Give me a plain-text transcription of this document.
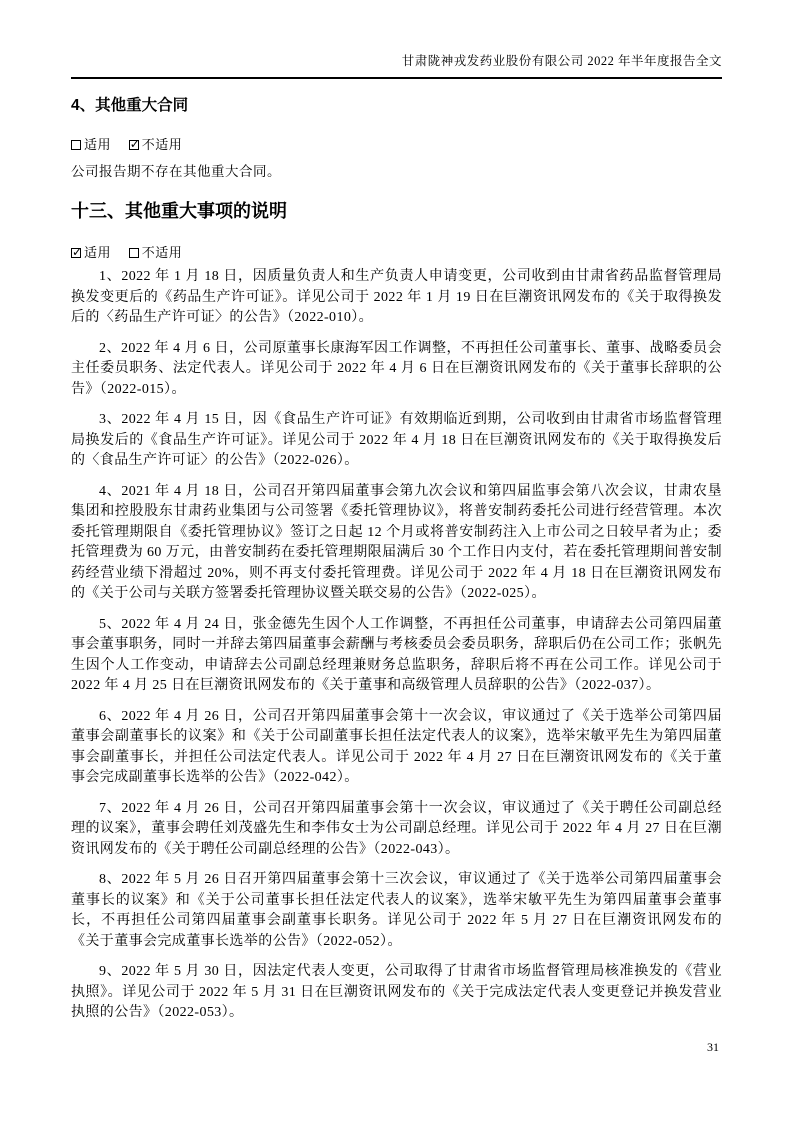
甘肃陇神戎发药业股份有限公司 2022 年半年度报告全文
4、其他重大合同
适用 ✓ 不适用

公司报告期不存在其他重大合同。

十三、其他重大事项的说明
✓适用 不适用

1、2022 年 1 月 18 日，因质量负责人和生产负责人申请变更，公司收到由甘肃省药品监督管理局换发变更后的《药品生产许可证》。详见公司于 2022 年 1 月 19 日在巨潮资讯网发布的《关于取得换发后的〈药品生产许可证〉的公告》（2022-010）。

2、2022 年 4 月 6 日，公司原董事长康海军因工作调整，不再担任公司董事长、董事、战略委员会主任委员职务、法定代表人。详见公司于 2022 年 4 月 6 日在巨潮资讯网发布的《关于董事长辞职的公告》（2022-015）。

3、2022 年 4 月 15 日，因《食品生产许可证》有效期临近到期，公司收到由甘肃省市场监督管理局换发后的《食品生产许可证》。详见公司于 2022 年 4 月 18 日在巨潮资讯网发布的《关于取得换发后的〈食品生产许可证〉的公告》（2022-026）。

4、2021 年 4 月 18 日，公司召开第四届董事会第九次会议和第四届监事会第八次会议，甘肃农垦集团和控股股东甘肃药业集团与公司签署《委托管理协议》，将普安制药委托公司进行经营管理。本次委托管理期限自《委托管理协议》签订之日起 12 个月或将普安制药注入上市公司之日较早者为止；委托管理费为 60 万元，由普安制药在委托管理期限届满后 30 个工作日内支付，若在委托管理期间普安制药经营业绩下滑超过 20%，则不再支付委托管理费。详见公司于 2022 年 4 月 18 日在巨潮资讯网发布的《关于公司与关联方签署委托管理协议暨关联交易的公告》（2022-025）。

5、2022 年 4 月 24 日，张金德先生因个人工作调整，不再担任公司董事，申请辞去公司第四届董事会董事职务，同时一并辞去第四届董事会薪酬与考核委员会委员职务，辞职后仍在公司工作；张帆先生因个人工作变动，申请辞去公司副总经理兼财务总监职务，辞职后将不再在公司工作。详见公司于 2022 年 4 月 25 日在巨潮资讯网发布的《关于董事和高级管理人员辞职的公告》（2022-037）。

6、2022 年 4 月 26 日，公司召开第四届董事会第十一次会议，审议通过了《关于选举公司第四届董事会副董事长的议案》和《关于公司副董事长担任法定代表人的议案》，选举宋敏平先生为第四届董事会副董事长，并担任公司法定代表人。详见公司于 2022 年 4 月 27 日在巨潮资讯网发布的《关于董事会完成副董事长选举的公告》（2022-042）。

7、2022 年 4 月 26 日，公司召开第四届董事会第十一次会议，审议通过了《关于聘任公司副总经理的议案》，董事会聘任刘茂盛先生和李伟女士为公司副总经理。详见公司于 2022 年 4 月 27 日在巨潮资讯网发布的《关于聘任公司副总经理的公告》（2022-043）。

8、2022 年 5 月 26 日召开第四届董事会第十三次会议，审议通过了《关于选举公司第四届董事会董事长的议案》和《关于公司董事长担任法定代表人的议案》，选举宋敏平先生为第四届董事会董事长，不再担任公司第四届董事会副董事长职务。详见公司于 2022 年 5 月 27 日在巨潮资讯网发布的《关于董事会完成董事长选举的公告》（2022-052）。

9、2022 年 5 月 30 日，因法定代表人变更，公司取得了甘肃省市场监督管理局核准换发的《营业执照》。详见公司于 2022 年 5 月 31 日在巨潮资讯网发布的《关于完成法定代表人变更登记并换发营业执照的公告》（2022-053）。

31
